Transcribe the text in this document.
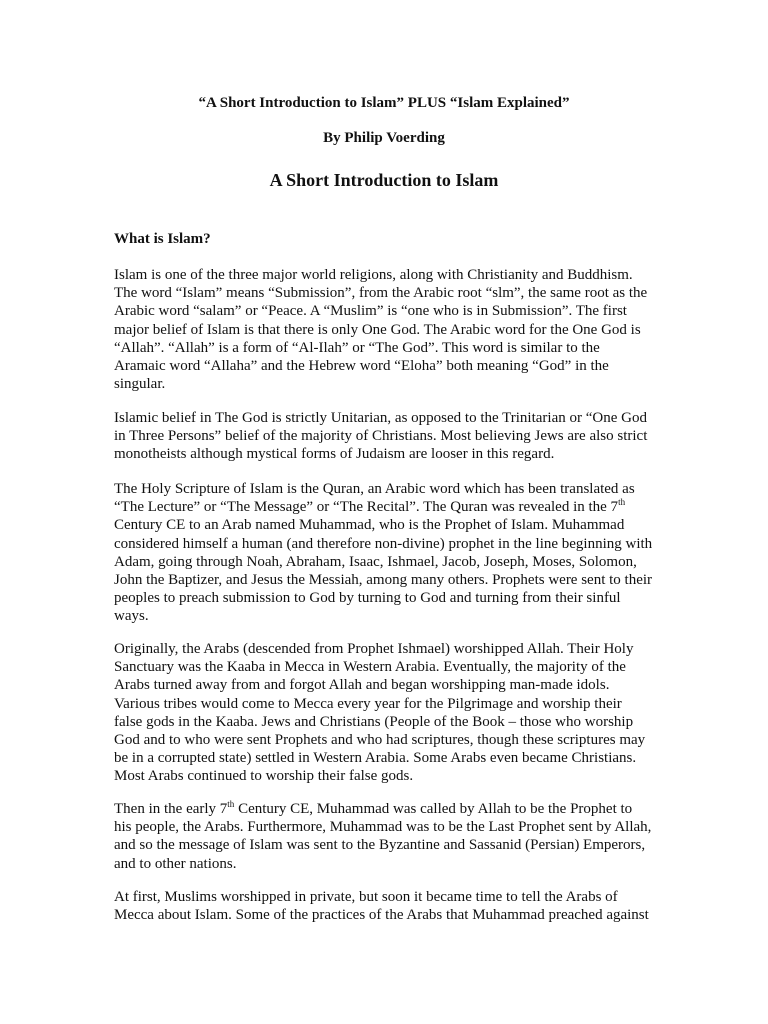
“A Short Introduction to Islam” PLUS “Islam Explained”
By Philip Voerding
A Short Introduction to Islam
What is Islam?
Islam is one of the three major world religions, along with Christianity and Buddhism.
The word “Islam” means “Submission”, from the Arabic root “slm”, the same root as the
Arabic word “salam” or “Peace. A “Muslim” is “one who is in Submission”. The first
major belief of Islam is that there is only One God. The Arabic word for the One God is
“Allah”. “Allah” is a form of “Al-Ilah” or “The God”. This word is similar to the
Aramaic word “Allaha” and the Hebrew word “Eloha” both meaning “God” in the
singular.
Islamic belief in The God is strictly Unitarian, as opposed to the Trinitarian or “One God
in Three Persons” belief of the majority of Christians. Most believing Jews are also strict
monotheists although mystical forms of Judaism are looser in this regard.
The Holy Scripture of Islam is the Quran, an Arabic word which has been translated as
“The Lecture” or “The Message” or “The Recital”. The Quran was revealed in the 7th
Century CE to an Arab named Muhammad, who is the Prophet of Islam. Muhammad
considered himself a human (and therefore non-divine) prophet in the line beginning with
Adam, going through Noah, Abraham, Isaac, Ishmael, Jacob, Joseph, Moses, Solomon,
John the Baptizer, and Jesus the Messiah, among many others. Prophets were sent to their
peoples to preach submission to God by turning to God and turning from their sinful
ways.
Originally, the Arabs (descended from Prophet Ishmael) worshipped Allah. Their Holy
Sanctuary was the Kaaba in Mecca in Western Arabia. Eventually, the majority of the
Arabs turned away from and forgot Allah and began worshipping man-made idols.
Various tribes would come to Mecca every year for the Pilgrimage and worship their
false gods in the Kaaba. Jews and Christians (People of the Book – those who worship
God and to who were sent Prophets and who had scriptures, though these scriptures may
be in a corrupted state) settled in Western Arabia. Some Arabs even became Christians.
Most Arabs continued to worship their false gods.
Then in the early 7th Century CE, Muhammad was called by Allah to be the Prophet to
his people, the Arabs. Furthermore, Muhammad was to be the Last Prophet sent by Allah,
and so the message of Islam was sent to the Byzantine and Sassanid (Persian) Emperors,
and to other nations.
At first, Muslims worshipped in private, but soon it became time to tell the Arabs of
Mecca about Islam. Some of the practices of the Arabs that Muhammad preached against
